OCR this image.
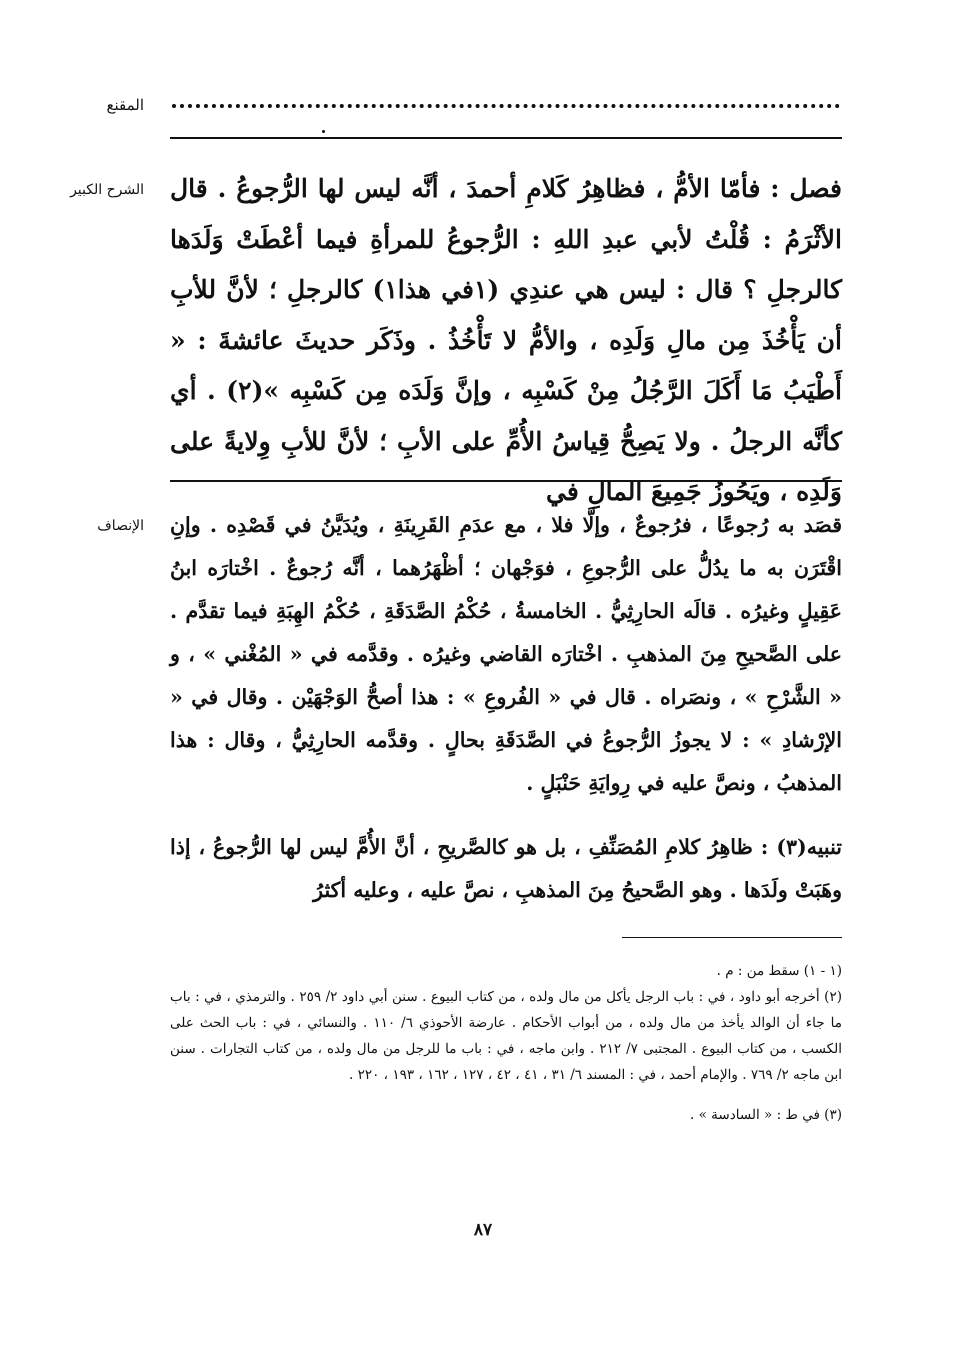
المقنع
الشرح الكبير	فصل : فأمّا الأمُّ ، فظاهِرُ كَلامِ أحمدَ ، أنَّه ليس لها الرُّجوعُ . قال الأثْرَمُ : قُلْتُ لأبي عبدِ اللهِ : الرُّجوعُ للمرأةِ فيما أعْطَتْ وَلَدَها كالرجلِ ؟ قال : ليس هي عندِي (١في هذا١) كالرجلِ ؛ لأنَّ للأبِ أن يَأْخُذَ مِن مالِ وَلَدِه ، والأمُّ لا تَأْخُذُ . وذَكَر حديثَ عائشةَ : « أَطْيَبُ مَا أَكَلَ الرَّجُلُ مِنْ كَسْبِه ، وإنَّ وَلَدَه مِن كَسْبِه »(٢) . أي كأنَّه الرجلُ . ولا يَصِحُّ قِياسُ الأُمِّ على الأبِ ؛ لأنَّ للأبِ وِلايةً على وَلَدِه ، ويَحُوزُ جَمِيعَ المالِ في

الإنصاف قصَد به رُجوعًا ، فرُجوعٌ ، وإلَّا فلا ، مع عدَمِ القَرِينَةِ ، ويُدَيَّنُ في قَصْدِه . وإنِ اقْتَرَن به ما يدُلُّ على الرُّجوعِ ، فوَجْهان ؛ أظْهَرُهما ، أنَّه رُجوعٌ . اخْتارَه ابنُ عَقِيلٍ وغيرُه . قالَه الحارِثِيُّ . الخامسةُ ، حُكْمُ الصَّدَقَةِ ، حُكْمُ الهِبَةِ فيما تقدَّم . على الصَّحيحِ مِنَ المذهبِ . اخْتارَه القاضي وغيرُه . وقدَّمه في « المُغْني » ، و « الشَّرْحِ » ، ونصَراه . قال في « الفُروعِ » : هذا أصحُّ الوَجْهَيْن . وقال في « الإرْشادِ » : لا يجوزُ الرُّجوعُ في الصَّدَقَةِ بحالٍ . وقدَّمه الحارِثِيُّ ، وقال : هذا المذهبُ ، ونصَّ عليه في رِوايَةِ حَنْبَلٍ .

تنبيه(٣) : ظاهِرُ كلامِ المُصَنِّفِ ، بل هو كالصَّريحِ ، أنَّ الأُمَّ ليس لها الرُّجوعُ ، إذا وهَبَتْ ولَدَها . وهو الصَّحيحُ مِنَ المذهبِ ، نصَّ عليه ، وعليه أكثرُ

(١ - ١) سقط من : م .

(٢) أخرجه أبو داود ، في : باب الرجل يأكل من مال ولده ، من كتاب البيوع . سنن أبي داود ٢/ ٢٥٩ . والترمذي ، في : باب ما جاء أن الوالد يأخذ من مال ولده ، من أبواب الأحكام . عارضة الأحوذي ٦/ ١١٠ . والنسائي ، في : باب الحث على الكسب ، من كتاب البيوع . المجتبى ٧/ ٢١٢ . وابن ماجه ، في : باب ما للرجل من مال ولده ، من كتاب التجارات . سنن ابن ماجه ٢/ ٧٦٩ . والإمام أحمد ، في : المسند ٦/ ٣١ ، ٤١ ، ٤٢ ، ١٢٧ ، ١٦٢ ، ١٩٣ ، ٢٢٠ .

(٣) في ط : « السادسة » .

٨٧
